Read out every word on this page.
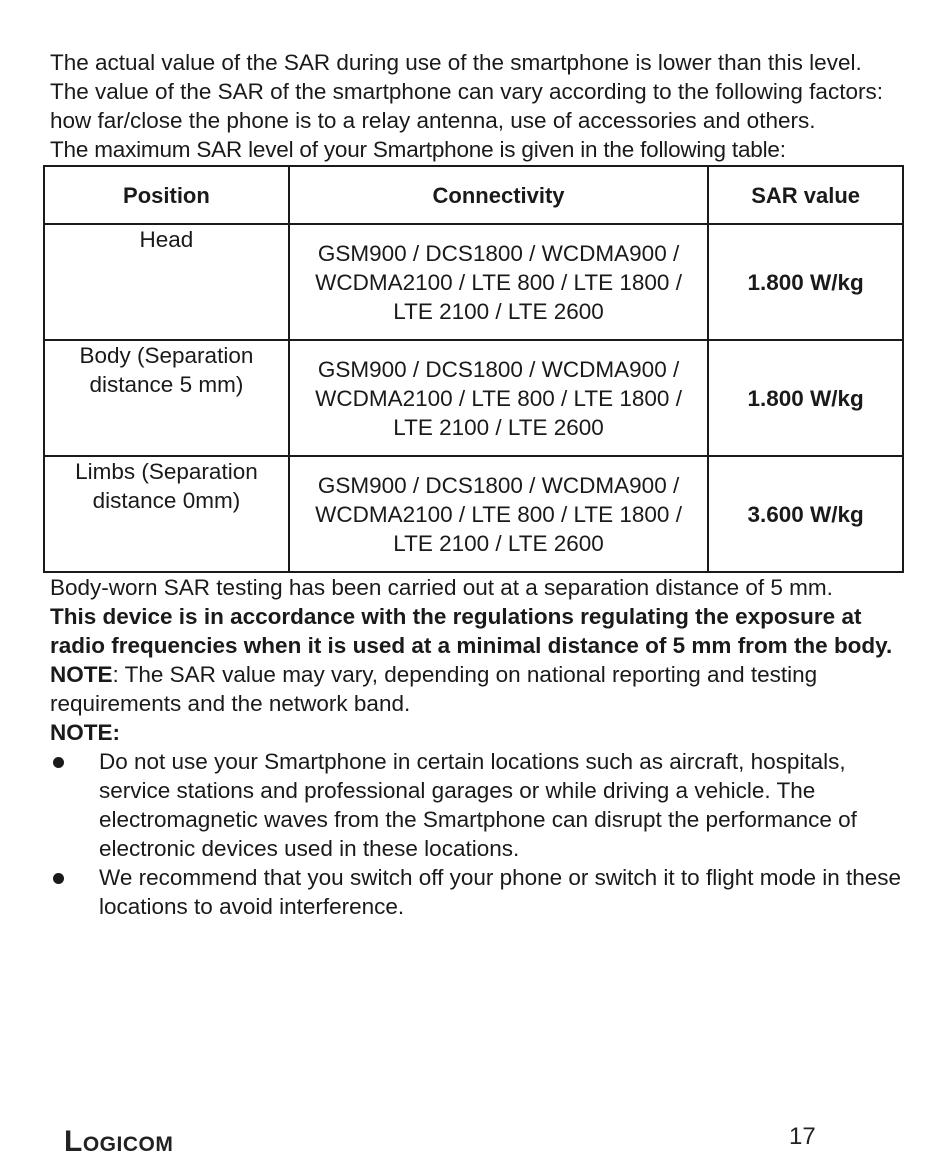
The actual value of the SAR during use of the smartphone is lower than this level.

The value of the SAR of the smartphone can vary according to the following factors: how far/close the phone is to a relay antenna, use of accessories and others.

The maximum SAR level of your Smartphone is given in the following table:

Position	Connectivity	SAR value
Head	GSM900 / DCS1800 / WCDMA900 / WCDMA2100 / LTE 800 / LTE 1800 / LTE 2100 / LTE 2600	1.800 W/kg
Body (Separation distance 5 mm)	GSM900 / DCS1800 / WCDMA900 / WCDMA2100 / LTE 800 / LTE 1800 / LTE 2100 / LTE 2600	1.800 W/kg
Limbs (Separation distance 0mm)	GSM900 / DCS1800 / WCDMA900 / WCDMA2100 / LTE 800 / LTE 1800 / LTE 2100 / LTE 2600	3.600 W/kg

Body-worn SAR testing has been carried out at a separation distance of 5 mm.

This device is in accordance with the regulations regulating the exposure at radio frequencies when it is used at a minimal distance of 5 mm from the body.

NOTE: The SAR value may vary, depending on national reporting and testing requirements and the network band.

NOTE:

Do not use your Smartphone in certain locations such as aircraft, hospitals, service stations and professional garages or while driving a vehicle. The electromagnetic waves from the Smartphone can disrupt the performance of electronic devices used in these locations.
We recommend that you switch off your phone or switch it to flight mode in these locations to avoid interference.
Logicom	17
